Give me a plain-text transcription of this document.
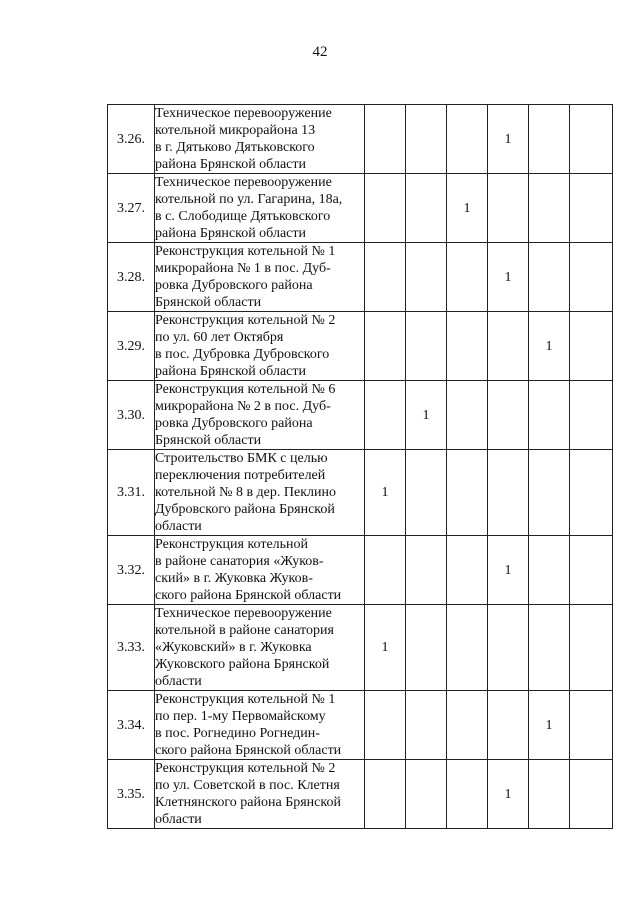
42
3.26.	Техническое перевооружение
котельной микрорайона 13
в г. Дятьково Дятьковского
района Брянской области				1		
3.27.	Техническое перевооружение
котельной по ул. Гагарина, 18а,
в с. Слободище Дятьковского
района Брянской области			1			
3.28.	Реконструкция котельной № 1
микрорайона № 1 в пос. Дуб-
ровка Дубровского района
Брянской области				1		
3.29.	Реконструкция котельной № 2
по ул. 60 лет Октября
в пос. Дубровка Дубровского
района Брянской области					1	
3.30.	Реконструкция котельной № 6
микрорайона № 2 в пос. Дуб-
ровка Дубровского района
Брянской области		1				
3.31.	Строительство БМК с целью
переключения потребителей
котельной № 8 в дер. Пеклино
Дубровского района Брянской
области	1					
3.32.	Реконструкция котельной
в районе санатория «Жуков-
ский» в г. Жуковка Жуков-
ского района Брянской области				1		
3.33.	Техническое перевооружение
котельной в районе санатория
«Жуковский» в г. Жуковка
Жуковского района Брянской
области	1					
3.34.	Реконструкция котельной № 1
по пер. 1-му Первомайскому
в пос. Рогнедино Рогнедин-
ского района Брянской области					1	
3.35.	Реконструкция котельной № 2
по ул. Советской в пос. Клетня
Клетнянского района Брянской
области				1		
